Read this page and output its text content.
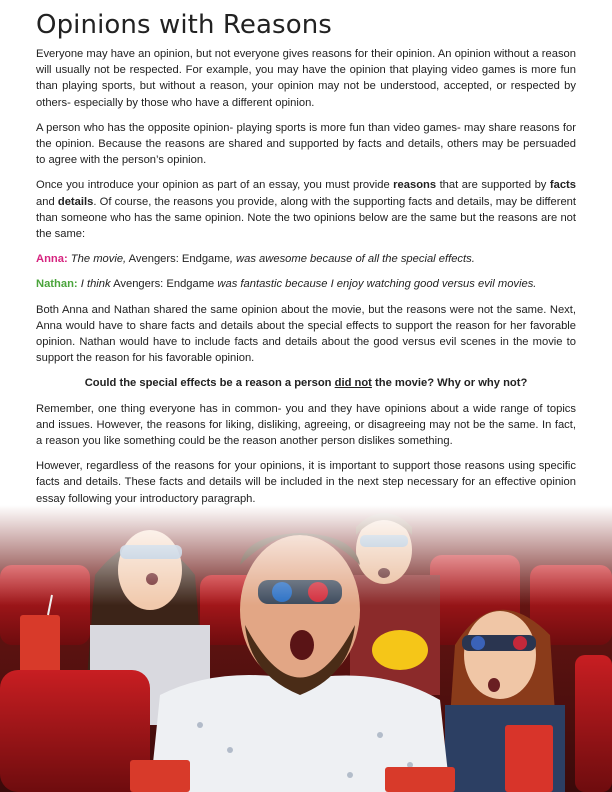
Opinions with Reasons

Everyone may have an opinion, but not everyone gives reasons for their opinion. An opinion without a reason will usually not be respected. For example, you may have the opinion that playing video games is more fun than playing sports, but without a reason, your opinion may not be understood, accepted, or respected by others- especially by those who have a different opinion.

A person who has the opposite opinion- playing sports is more fun than video games- may share reasons for the opinion. Because the reasons are shared and supported by facts and details, others may be persuaded to agree with the person’s opinion.

Once you introduce your opinion as part of an essay, you must provide reasons that are supported by facts and details. Of course, the reasons you provide, along with the supporting facts and details, may be different than someone who has the same opinion. Note the two opinions below are the same but the reasons are not the same:

Anna: The movie, Avengers: Endgame, was awesome because of all the special effects.

Nathan: I think Avengers: Endgame was fantastic because I enjoy watching good versus evil movies.

Both Anna and Nathan shared the same opinion about the movie, but the reasons were not the same. Next, Anna would have to share facts and details about the special effects to support the reason for her favorable opinion. Nathan would have to include facts and details about the good versus evil scenes in the movie to support the reason for his favorable opinion.

Could the special effects be a reason a person did not the movie? Why or why not?

Remember, one thing everyone has in common- you and they have opinions about a wide range of topics and issues. However, the reasons for liking, disliking, agreeing, or disagreeing may not be the same. In fact, a reason you like something could be the reason another person dislikes something.

However, regardless of the reasons for your opinions, it is important to support those reasons using specific facts and details. These facts and details will be included in the next step necessary for an effective opinion essay following your introductory paragraph.
